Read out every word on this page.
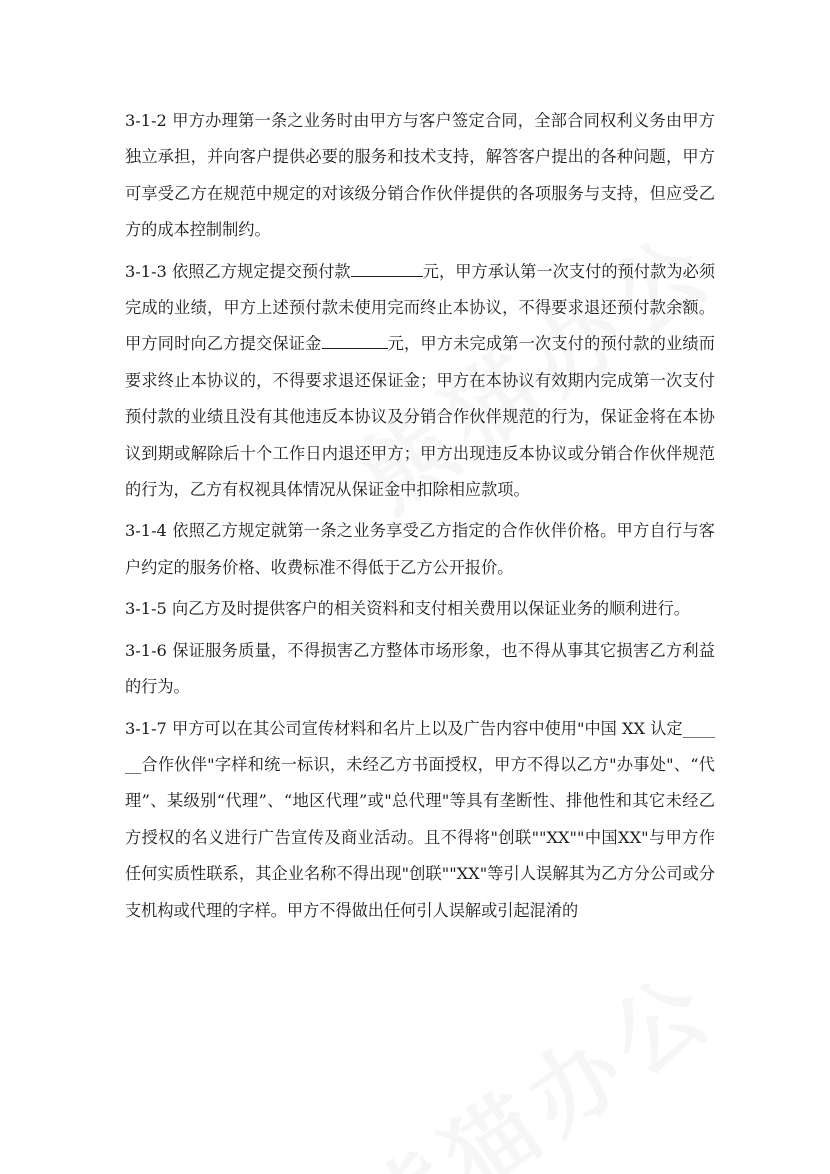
3-1-2 甲方办理第一条之业务时由甲方与客户签定合同，全部合同权利义务由甲方独立承担，并向客户提供必要的服务和技术支持，解答客户提出的各种问题，甲方可享受乙方在规范中规定的对该级分销合作伙伴提供的各项服务与支持，但应受乙方的成本控制制约。

3-1-3 依照乙方规定提交预付款	元，甲方承认第一次支付的预付款为必须完成的业绩，甲方上述预付款未使用完而终止本协议，不得要求退还预付款余额。甲方同时向乙方提交保证金	元，甲方未完成第一次支付的预付款的业绩而要求终止本协议的，不得要求退还保证金；甲方在本协议有效期内完成第一次支付预付款的业绩且没有其他违反本协议及分销合作伙伴规范的行为，保证金将在本协议到期或解除后十个工作日内退还甲方；甲方出现违反本协议或分销合作伙伴规范的行为，乙方有权视具体情况从保证金中扣除相应款项。

3-1-4 依照乙方规定就第一条之业务享受乙方指定的合作伙伴价格。甲方自行与客户约定的服务价格、收费标准不得低于乙方公开报价。

3-1-5 向乙方及时提供客户的相关资料和支付相关费用以保证业务的顺利进行。

3-1-6 保证服务质量，不得损害乙方整体市场形象，也不得从事其它损害乙方利益的行为。

3-1-7 甲方可以在其公司宣传材料和名片上以及广告内容中使用"中国 XX 认定______合作伙伴"字样和统一标识，未经乙方书面授权，甲方不得以乙方"办事处"、“代理”、某级别“代理”、“地区代理”或"总代理"等具有垄断性、排他性和其它未经乙方授权的名义进行广告宣传及商业活动。且不得将"创联""XX""中国XX"与甲方作任何实质性联系，其企业名称不得出现"创联""XX"等引人误解其为乙方分公司或分支机构或代理的字样。甲方不得做出任何引人误解或引起混淆的
